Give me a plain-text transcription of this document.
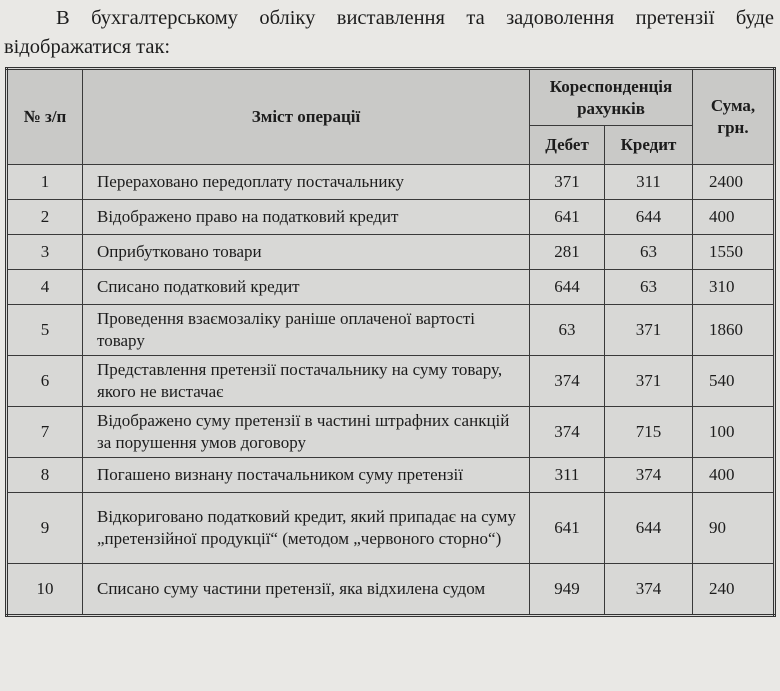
В бухгалтерському обліку виставлення та задоволення претензії буде відображатися так:

№ з/п	Зміст операції	Кореспонденція рахунків		Сума, грн.
		Дебет	Кредит	
1	Перераховано передоплату постачальнику	371	311	2400
2	Відображено право на податковий кредит	641	644	400
3	Оприбутковано товари	281	63	1550
4	Списано податковий кредит	644	63	310
5	Проведення взаємозаліку раніше оплаченої вартості товару	63	371	1860
6	Представлення претензії постачальнику на суму товару, якого не вистачає	374	371	540
7	Відображено суму претензії в частині штрафних санкцій за порушення умов договору	374	715	100
8	Погашено визнану постачальником суму претензії	311	374	400
9	Відкориговано податковий кредит, який припадає на суму „претензійної продукції“ (методом „червоного сторно“)	641	644	90
10	Списано суму частини претензії, яка відхилена судом	949	374	240
